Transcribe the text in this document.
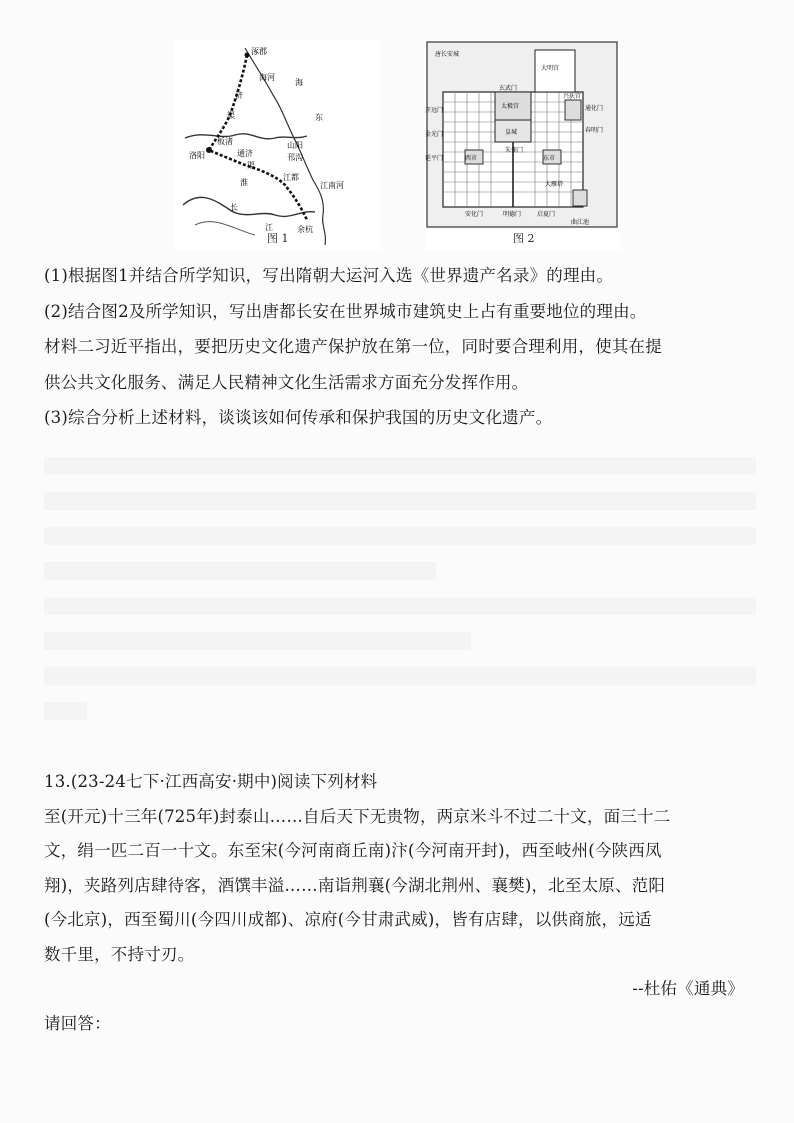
涿郡
海河
济
渠
洛阳
板渚
通济
渠
淮
山阳
邗沟
江都
长
江	余杭
江南河
海
东
图 1
唐长安城
玄武门
太极宫
皇城
朱雀门
兴庆宫
东市
西市
春明门
通化门
延平门
金光门
开远门
安化门	明德门	启夏门
大雁塔
曲江池
大明宫
图 2
(1)根据图1并结合所学知识，写出隋朝大运河入选《世界遗产名录》的理由。
(2)结合图2及所学知识，写出唐都长安在世界城市建筑史上占有重要地位的理由。
材料二习近平指出，要把历史文化遗产保护放在第一位，同时要合理利用，使其在提
供公共文化服务、满足人民精神文化生活需求方面充分发挥作用。
(3)综合分析上述材料，谈谈该如何传承和保护我国的历史文化遗产。
13.(23-24七下·江西高安·期中)阅读下列材料
至(开元)十三年(725年)封泰山……自后天下无贵物，两京米斗不过二十文，面三十二
文，绢一匹二百一十文。东至宋(今河南商丘南)汴(今河南开封)，西至岐州(今陕西凤
翔)，夹路列店肆待客，酒馔丰溢……南诣荆襄(今湖北荆州、襄樊)，北至太原、范阳
(今北京)，西至蜀川(今四川成都)、凉府(今甘肃武威)，皆有店肆，以供商旅，远适
数千里，不持寸刃。
--杜佑《通典》
请回答：
